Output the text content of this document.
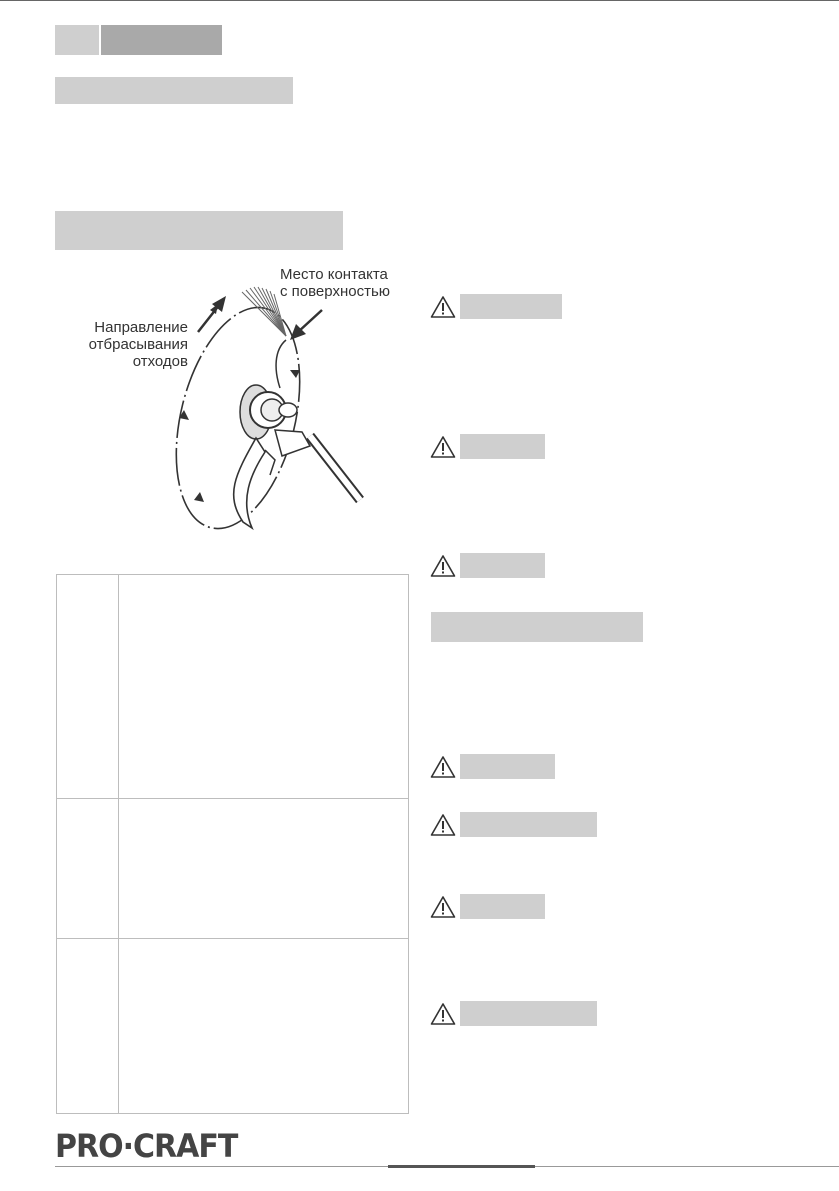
Место контакта
с поверхностью
Направление
отбрасывания
отходов

PRO·CRAFT
